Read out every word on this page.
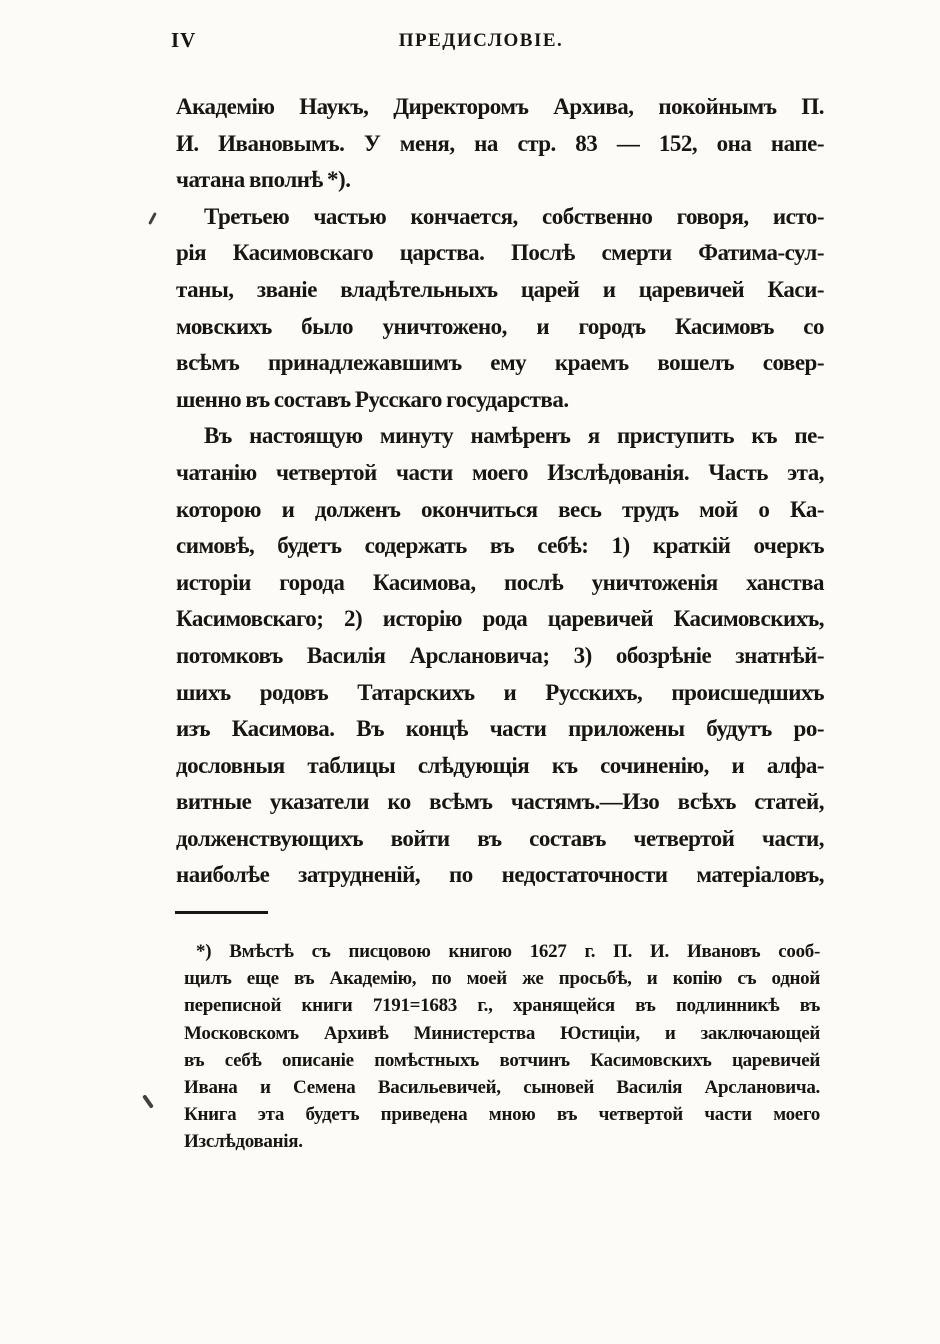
IV	ПРЕДИСЛОВІЕ.
Академію Наукъ, Директоромъ Архива, покойнымъ П.
И. Ивановымъ. У меня, на стр. 83 — 152, она напе-
чатана вполнѣ *).
Третьею частью кончается, собственно говоря, исто-
рія Касимовскаго царства. Послѣ смерти Фатима-сул-
таны, званіе владѣтельныхъ царей и царевичей Каси-
мовскихъ было уничтожено, и городъ Касимовъ со
всѣмъ принадлежавшимъ ему краемъ вошелъ совер-
шенно въ составъ Русскаго государства.
Въ настоящую минуту намѣренъ я приступить къ пе-
чатанію четвертой части моего Изслѣдованія. Часть эта,
которою и долженъ окончиться весь трудъ мой о Ка-
симовѣ, будетъ содержать въ себѣ: 1) краткій очеркъ
исторіи города Касимова, послѣ уничтоженія ханства
Касимовскаго; 2) исторію рода царевичей Касимовскихъ,
потомковъ Василія Арслановича; 3) обозрѣніе знатнѣй-
шихъ родовъ Татарскихъ и Русскихъ, происшедшихъ
изъ Касимова. Въ концѣ части приложены будутъ ро-
дословныя таблицы слѣдующія къ сочиненію, и алфа-
витные указатели ко всѣмъ частямъ.—Изо всѣхъ статей,
долженствующихъ войти въ составъ четвертой части,
наиболѣе затрудненій, по недостаточности матеріаловъ,
*) Вмѣстѣ съ писцовою книгою 1627 г. П. И. Ивановъ сооб-
щилъ еще въ Академію, по моей же просьбѣ, и копію съ одной
переписной книги 7191=1683 г., хранящейся въ подлинникѣ въ
Московскомъ Архивѣ Министерства Юстиціи, и заключающей
въ себѣ описаніе помѣстныхъ вотчинъ Касимовскихъ царевичей
Ивана и Семена Васильевичей, сыновей Василія Арслановича.
Книга эта будетъ приведена мною въ четвертой части моего
Изслѣдованія.
